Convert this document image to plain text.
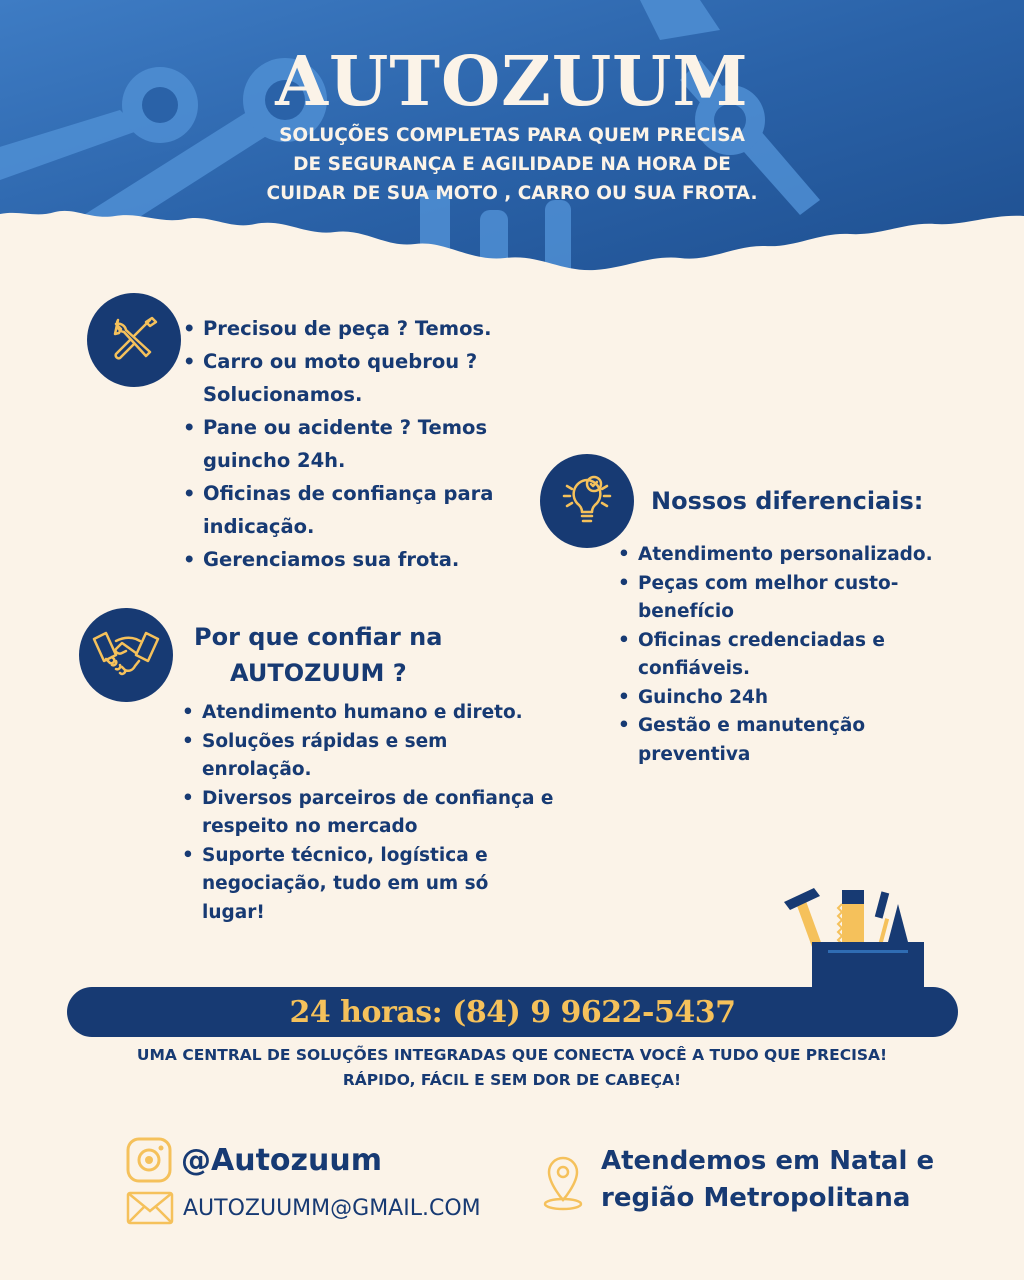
AUTOZUUM

SOLUÇÕES COMPLETAS PARA QUEM PRECISA
DE SEGURANÇA E AGILIDADE NA HORA DE
CUIDAR DE SUA MOTO , CARRO OU SUA FROTA.

• Precisou de peça ? Temos.
• Carro ou moto quebrou ? Solucionamos.
• Pane ou acidente ? Temos guincho 24h.
• Oficinas de confiança para indicação.
• Gerenciamos sua frota.
Nossos diferenciais:
• Atendimento personalizado.
• Peças com melhor custo-benefício
• Oficinas credenciadas e confiáveis.
• Guincho 24h
• Gestão e manutenção preventiva
Por que confiar na
AUTOZUUM ?
• Atendimento humano e direto.
• Soluções rápidas e sem enrolação.
• Diversos parceiros de confiança e respeito no mercado
• Suporte técnico, logística e negociação, tudo em um só lugar!
24 horas: (84) 9 9622-5437

UMA CENTRAL DE SOLUÇÕES INTEGRADAS QUE CONECTA VOCÊ A TUDO QUE PRECISA!
RÁPIDO, FÁCIL E SEM DOR DE CABEÇA!

@Autozuum
AUTOZUUMM@GMAIL.COM
Atendemos em Natal e
região Metropolitana
